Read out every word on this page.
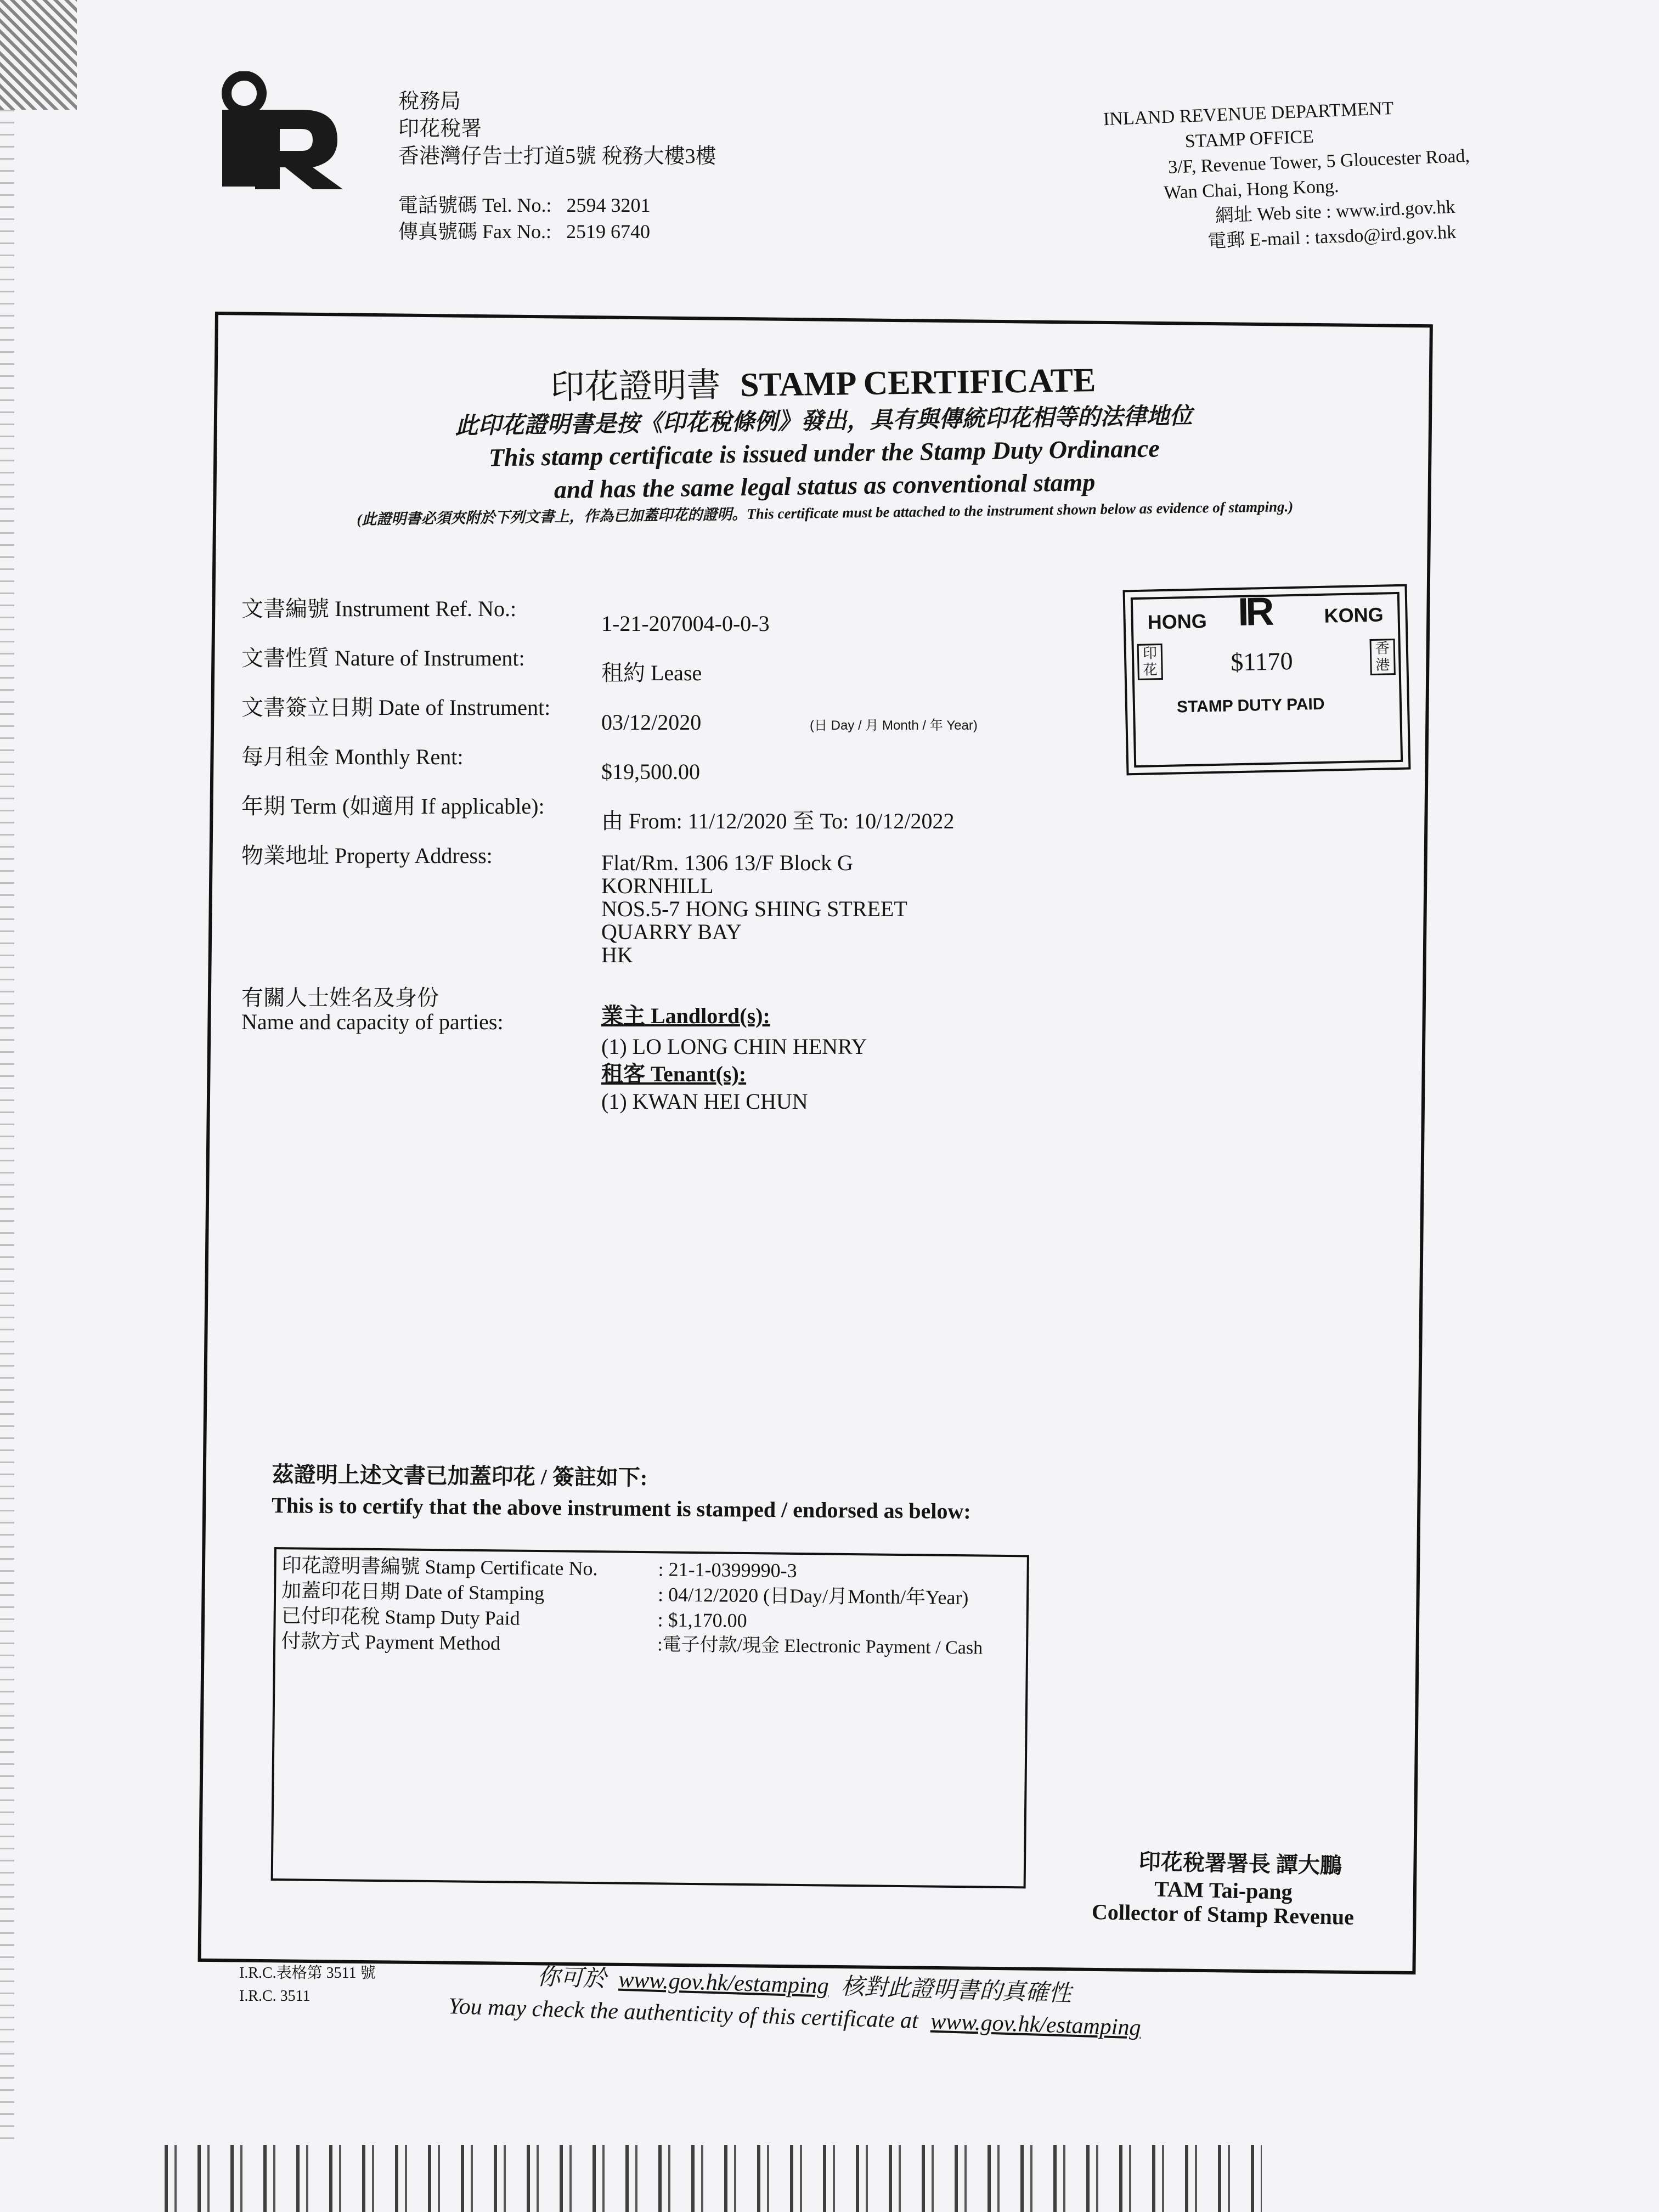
稅務局
印花稅署
香港灣仔告士打道5號 稅務大樓3樓
電話號碼 Tel. No.: 2594 3201
傳真號碼 Fax No.: 2519 6740
INLAND REVENUE DEPARTMENT
STAMP OFFICE
3/F, Revenue Tower, 5 Gloucester Road,
Wan Chai, Hong Kong.
網址 Web site : www.ird.gov.hk
電郵 E-mail : taxsdo@ird.gov.hk
印花證明書 STAMP CERTIFICATE
此印花證明書是按《印花稅條例》發出，具有與傳統印花相等的法律地位
This stamp certificate is issued under the Stamp Duty Ordinance
and has the same legal status as conventional stamp
(此證明書必須夾附於下列文書上，作為已加蓋印花的證明。This certificate must be attached to the instrument shown below as evidence of stamping.)
文書編號 Instrument Ref. No.:
文書性質 Nature of Instrument:
文書簽立日期 Date of Instrument:
每月租金 Monthly Rent:
年期 Term (如適用 If applicable):
物業地址 Property Address:
有關人士姓名及身份
Name and capacity of parties:
1-21-207004-0-0-3
租約 Lease
03/12/2020	(日 Day / 月 Month / 年 Year)
$19,500.00
由 From: 11/12/2020 至 To: 10/12/2022
Flat/Rm. 1306 13/F Block G
KORNHILL
NOS.5-7 HONG SHING STREET
QUARRY BAY
HK
業主 Landlord(s):
(1) LO LONG CHIN HENRY
租客 Tenant(s):
(1) KWAN HEI CHUN
HONG	KONG
IR
$1170
STAMP DUTY PAID
印花
香港
茲證明上述文書已加蓋印花 / 簽註如下:
This is to certify that the above instrument is stamped / endorsed as below:
印花證明書編號 Stamp Certificate No.
加蓋印花日期 Date of Stamping
已付印花稅 Stamp Duty Paid
付款方式 Payment Method
: 21-1-0399990-3
: 04/12/2020 (日Day/月Month/年Year)
: $1,170.00
:電子付款/現金 Electronic Payment / Cash
印花稅署署長 譚大鵬
TAM Tai-pang
Collector of Stamp Revenue
I.R.C.表格第 3511 號
I.R.C. 3511
你可於 www.gov.hk/estamping 核對此證明書的真確性
You may check the authenticity of this certificate at www.gov.hk/estamping
